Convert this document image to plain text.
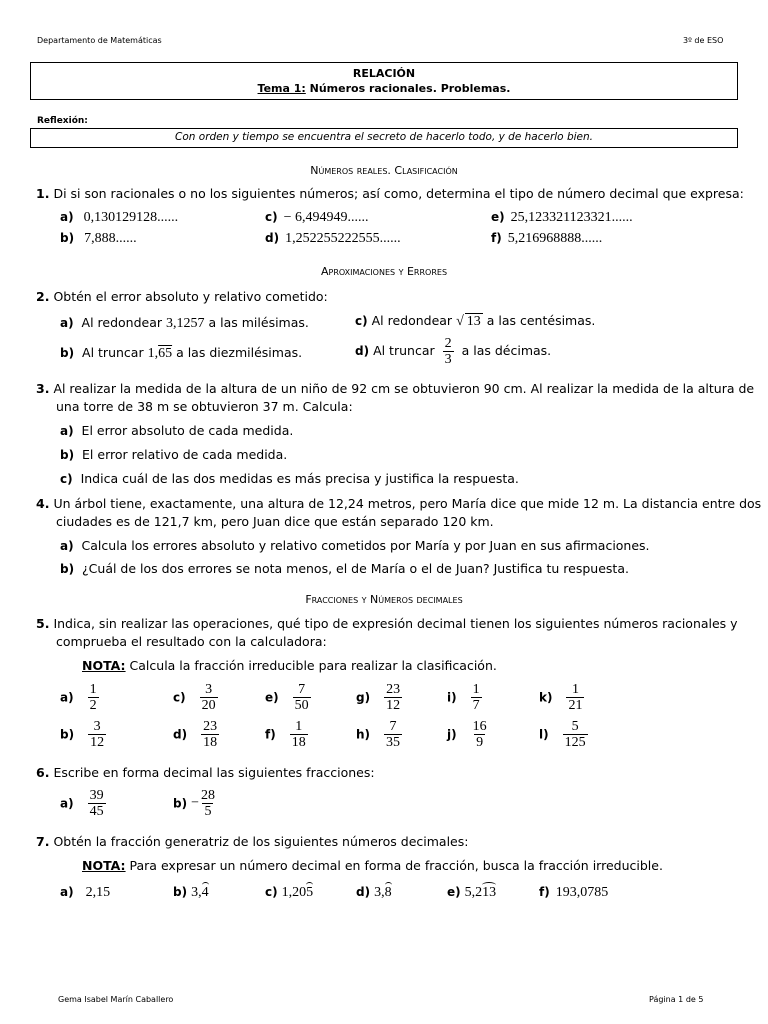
Departamento de Matemáticas	3º de ESO
RELACIÓN
Tema 1: Números racionales. Problemas.
Reflexión:
Con orden y tiempo se encuentra el secreto de hacerlo todo, y de hacerlo bien.
Números reales. Clasificación
1. Di si son racionales o no los siguientes números; así como, determina el tipo de número decimal que expresa:
a) 0,130129128......	c) − 6,494949......	e) 25,123321123321......
b) 7,888......	d) 1,252255222555......	f) 5,216968888......
Aproximaciones y Errores
2. Obtén el error absoluto y relativo cometido:
a) Al redondear 3,1257 a las milésimas.	c) Al redondear √ 13 a las centésimas.
b) Al truncar 1,65 a las diezmilésimas.	d) Al truncar $\frac{2}{3}$ a las décimas.
3. Al realizar la medida de la altura de un niño de 92 cm se obtuvieron 90 cm. Al realizar la medida de la altura de
una torre de 38 m se obtuvieron 37 m. Calcula:
a) El error absoluto de cada medida.
b) El error relativo de cada medida.
c) Indica cuál de las dos medidas es más precisa y justifica la respuesta.
4. Un árbol tiene, exactamente, una altura de 12,24 metros, pero María dice que mide 12 m. La distancia entre dos
ciudades es de 121,7 km, pero Juan dice que están separado 120 km.
a) Calcula los errores absoluto y relativo cometidos por María y por Juan en sus afirmaciones.
b) ¿Cuál de los dos errores se nota menos, el de María o el de Juan? Justifica tu respuesta.
Fracciones y Números decimales
5. Indica, sin realizar las operaciones, qué tipo de expresión decimal tienen los siguientes números racionales y
comprueba el resultado con la calculadora:
NOTA: Calcula la fracción irreducible para realizar la clasificación.
$a) \frac{1}{2}$	$c) \frac{3}{20}$	$e) \frac{7}{50}$	$g) \frac{23}{12}$	$i) \frac{1}{7}$	$k) \frac{1}{21}$
$b) \frac{3}{12}$	$d) \frac{23}{18}$	$f) \frac{1}{18}$	$h) \frac{7}{35}$	$j) \frac{16}{9}$	$l) \frac{5}{125}$
6. Escribe en forma decimal las siguientes fracciones:
$a) \frac{39}{45}$	$b) - \frac{28}{5}$
7. Obtén la fracción generatriz de los siguientes números decimales:
NOTA: Para expresar un número decimal en forma de fracción, busca la fracción irreducible.
a) 2,15	b) 3,4	c) 1,205	d) 3,8	e) 5,213	f) 193,0785
Gema Isabel Marín Caballero	Página 1 de 5
